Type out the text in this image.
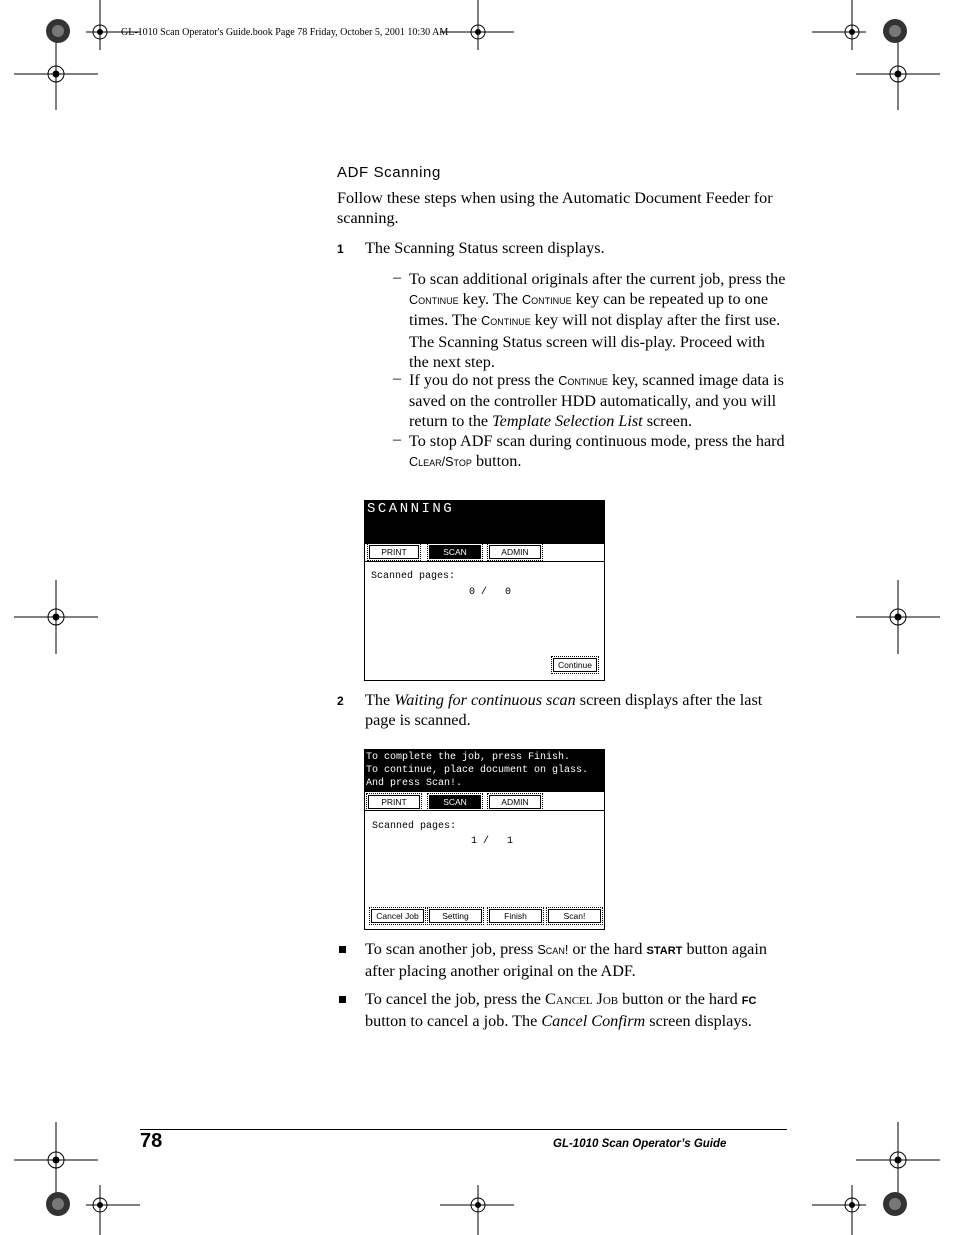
GL-1010 Scan Operator's Guide.book Page 78 Friday, October 5, 2001 10:30 AM
ADF Scanning
Follow these steps when using the Automatic Document Feeder for scanning.
1 The Scanning Status screen displays.
– To scan additional originals after the current job, press the Continue key. The Continue key can be repeated up to one times. The Continue key will not display after the first use. The Scanning Status screen will dis-play. Proceed with the next step.
– If you do not press the Continue key, scanned image data is saved on the controller HDD automatically, and you will return to the Template Selection List screen.
– To stop ADF scan during continuous mode, press the hard Clear/Stop button.
SCANNING
PRINT	SCAN	ADMIN
Scanned pages:
0 /   0
Continue
2 The Waiting for continuous scan screen displays after the last page is scanned.
To complete the job, press Finish.
To continue, place document on glass.
And press Scan!.
PRINT	SCAN	ADMIN
Scanned pages:
1 /   1
Cancel Job	Setting	Finish	Scan!
To scan another job, press Scan! or the hard START button again after placing another original on the ADF.
To cancel the job, press the Cancel Job button or the hard FC button to cancel a job. The Cancel Confirm screen displays.
78	GL-1010 Scan Operator’s Guide
